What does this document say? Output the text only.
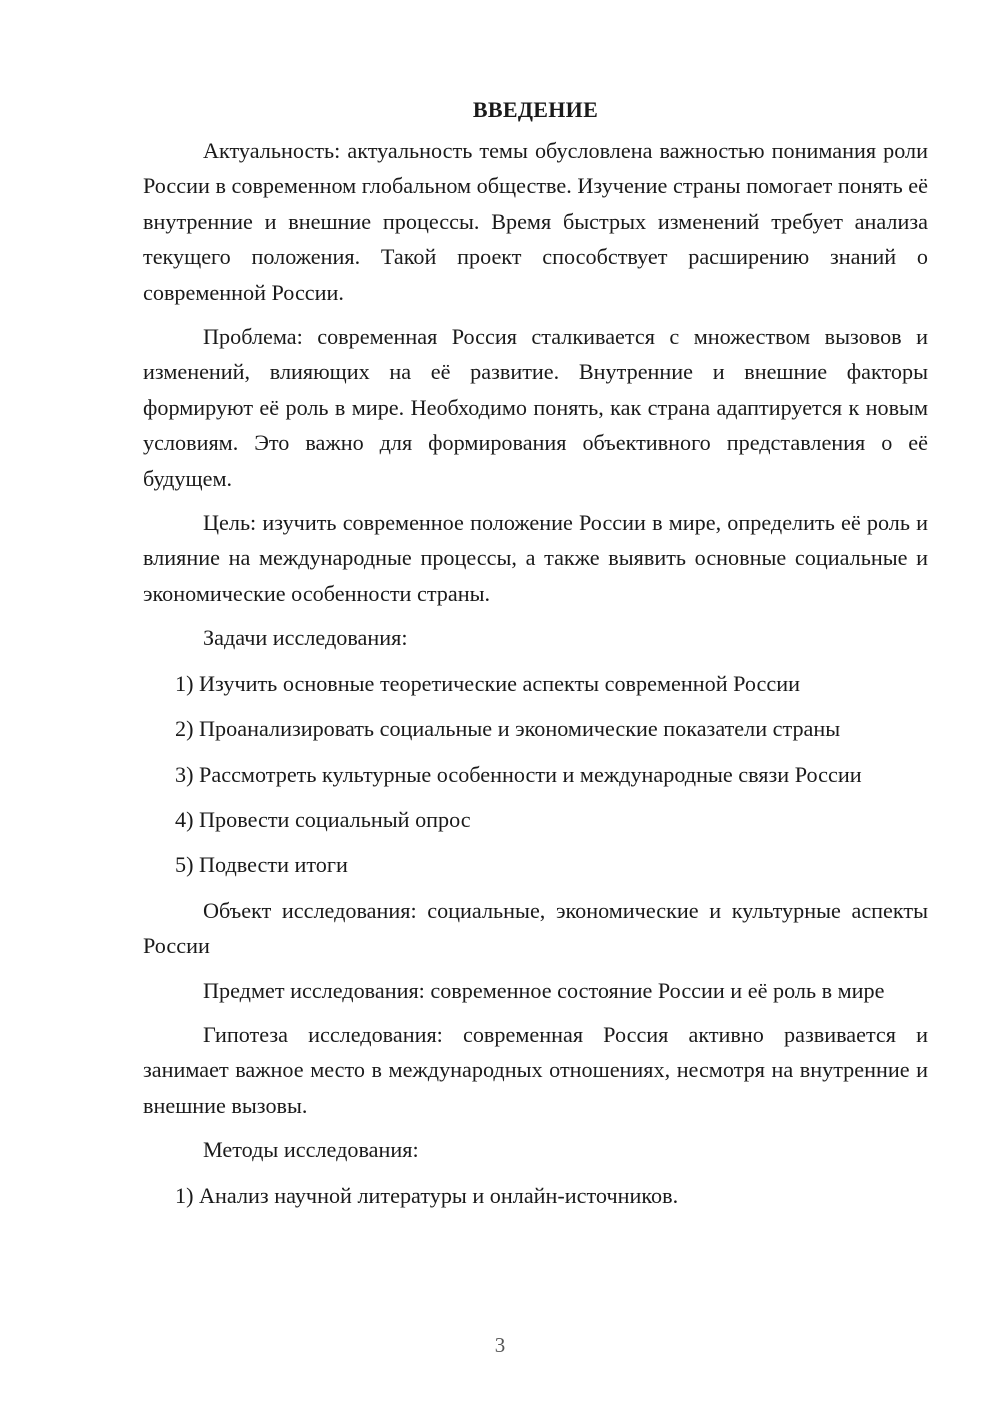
ВВЕДЕНИЕ

Актуальность: актуальность темы обусловлена важностью понимания роли России в современном глобальном обществе. Изучение страны помогает понять её внутренние и внешние процессы. Время быстрых изменений требует анализа текущего положения. Такой проект способствует расширению знаний о современной России.

Проблема: современная Россия сталкивается с множеством вызовов и изменений, влияющих на её развитие. Внутренние и внешние факторы формируют её роль в мире. Необходимо понять, как страна адаптируется к новым условиям. Это важно для формирования объективного представления о её будущем.

Цель: изучить современное положение России в мире, определить её роль и влияние на международные процессы, а также выявить основные социальные и экономические особенности страны.

Задачи исследования:

1) Изучить основные теоретические аспекты современной России

2) Проанализировать социальные и экономические показатели страны

3) Рассмотреть культурные особенности и международные связи России

4) Провести социальный опрос

5) Подвести итоги

Объект исследования: социальные, экономические и культурные аспекты России

Предмет исследования: современное состояние России и её роль в мире

Гипотеза исследования: современная Россия активно развивается и занимает важное место в международных отношениях, несмотря на внутренние и внешние вызовы.

Методы исследования:

1) Анализ научной литературы и онлайн-источников.

3
